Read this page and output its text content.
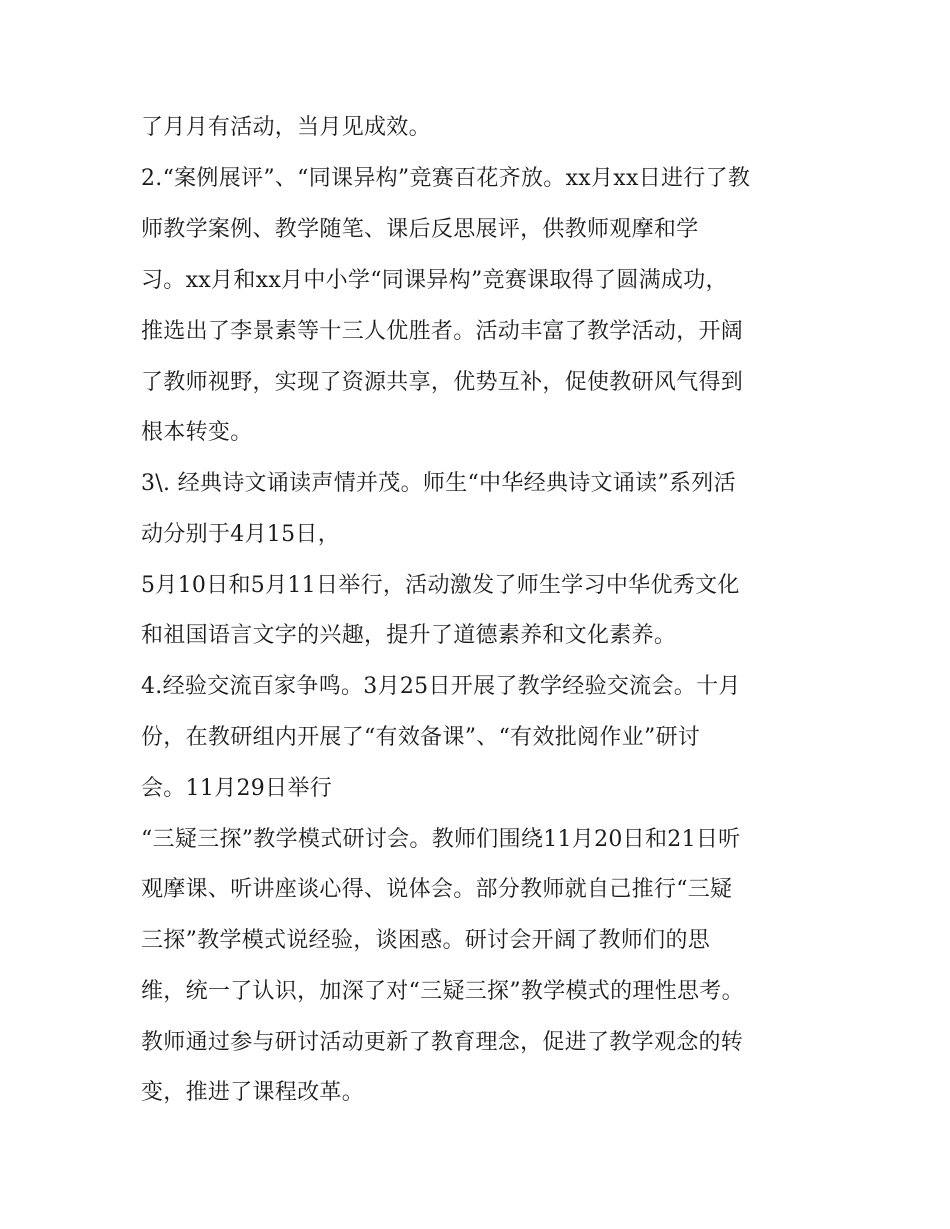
了月月有活动，当月见成效。
2.“案例展评”、“同课异构”竞赛百花齐放。xx月xx日进行了教
师教学案例、教学随笔、课后反思展评，供教师观摩和学
习。xx月和xx月中小学“同课异构”竞赛课取得了圆满成功，
推选出了李景素等十三人优胜者。活动丰富了教学活动，开阔
了教师视野，实现了资源共享，优势互补，促使教研风气得到
根本转变。
3\. 经典诗文诵读声情并茂。师生“中华经典诗文诵读”系列活
动分别于4月15日，
5月10日和5月11日举行，活动激发了师生学习中华优秀文化
和祖国语言文字的兴趣，提升了道德素养和文化素养。
4.经验交流百家争鸣。3月25日开展了教学经验交流会。十月
份，在教研组内开展了“有效备课”、“有效批阅作业”研讨
会。11月29日举行
“三疑三探”教学模式研讨会。教师们围绕11月20日和21日听
观摩课、听讲座谈心得、说体会。部分教师就自己推行“三疑
三探”教学模式说经验，谈困惑。研讨会开阔了教师们的思
维，统一了认识，加深了对“三疑三探”教学模式的理性思考。
教师通过参与研讨活动更新了教育理念，促进了教学观念的转
变，推进了课程改革。
